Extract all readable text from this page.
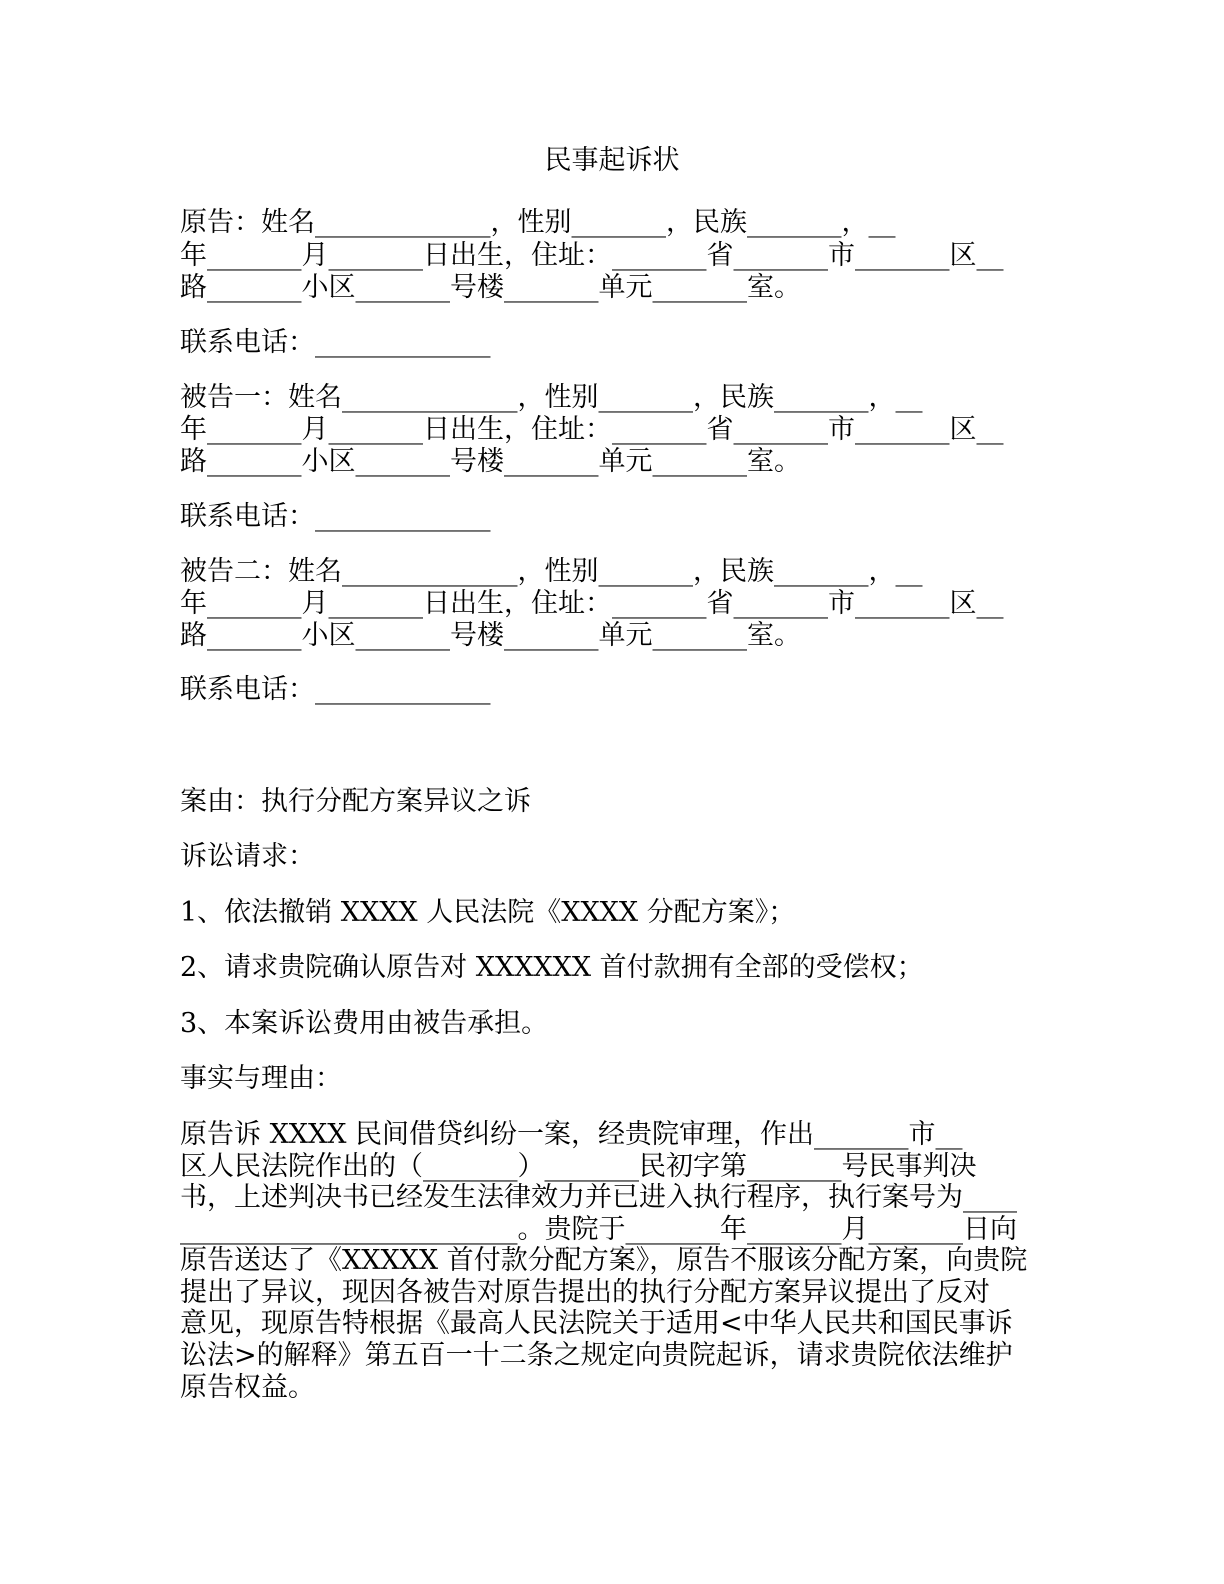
民事起诉状
原告：姓名_____________，性别_______，民族_______，__
年_______月_______日出生，住址：_______省_______市_______区__
路_______小区_______号楼_______单元_______室。
联系电话：_____________
被告一：姓名_____________，性别_______，民族_______，__
年_______月_______日出生，住址：_______省_______市_______区__
路_______小区_______号楼_______单元_______室。
联系电话：_____________
被告二：姓名_____________，性别_______，民族_______，__
年_______月_______日出生，住址：_______省_______市_______区__
路_______小区_______号楼_______单元_______室。
联系电话：_____________
案由：执行分配方案异议之诉
诉讼请求：
1、依法撤销 XXXX 人民法院《XXXX 分配方案》；
2、请求贵院确认原告对 XXXXXX 首付款拥有全部的受偿权；
3、本案诉讼费用由被告承担。
事实与理由：
原告诉 XXXX 民间借贷纠纷一案，经贵院审理，作出_______市__
区人民法院作出的（_______）_______民初字第_______号民事判决
书，上述判决书已经发生法律效力并已进入执行程序，执行案号为____
_________________________。贵院于_______年_______月_______日向
原告送达了《XXXXX 首付款分配方案》，原告不服该分配方案，向贵院
提出了异议，现因各被告对原告提出的执行分配方案异议提出了反对
意见，现原告特根据《最高人民法院关于适用<中华人民共和国民事诉
讼法>的解释》第五百一十二条之规定向贵院起诉，请求贵院依法维护
原告权益。
